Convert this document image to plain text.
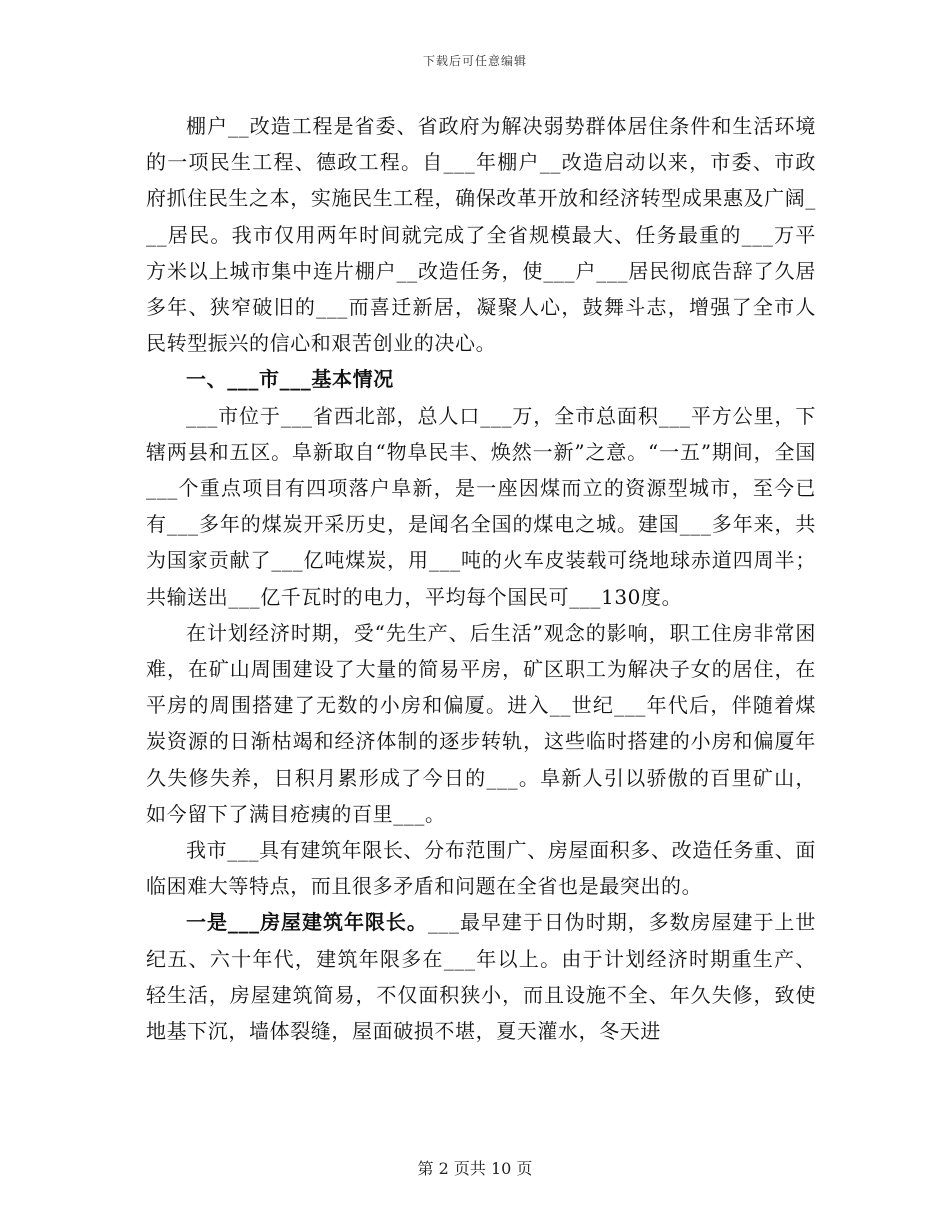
下载后可任意编辑

棚户__改造工程是省委、省政府为解决弱势群体居住条件和生活环境的一项民生工程、德政工程。自___年棚户__改造启动以来，市委、市政府抓住民生之本，实施民生工程，确保改革开放和经济转型成果惠及广阔___居民。我市仅用两年时间就完成了全省规模最大、任务最重的___万平方米以上城市集中连片棚户__改造任务，使___户___居民彻底告辞了久居多年、狭窄破旧的___而喜迁新居，凝聚人心，鼓舞斗志，增强了全市人民转型振兴的信心和艰苦创业的决心。

一、___市___基本情况

___市位于___省西北部，总人口___万，全市总面积___平方公里，下辖两县和五区。阜新取自“物阜民丰、焕然一新”之意。“一五”期间，全国___个重点项目有四项落户阜新，是一座因煤而立的资源型城市，至今已有___多年的煤炭开采历史，是闻名全国的煤电之城。建国___多年来，共为国家贡献了___亿吨煤炭，用___吨的火车皮装载可绕地球赤道四周半；共输送出___亿千瓦时的电力，平均每个国民可___130度。

在计划经济时期，受“先生产、后生活”观念的影响，职工住房非常困难，在矿山周围建设了大量的简易平房，矿区职工为解决子女的居住，在平房的周围搭建了无数的小房和偏厦。进入__世纪___年代后，伴随着煤炭资源的日渐枯竭和经济体制的逐步转轨，这些临时搭建的小房和偏厦年久失修失养，日积月累形成了今日的___。阜新人引以骄傲的百里矿山，如今留下了满目疮痍的百里___。

我市___具有建筑年限长、分布范围广、房屋面积多、改造任务重、面临困难大等特点，而且很多矛盾和问题在全省也是最突出的。

一是___房屋建筑年限长。___最早建于日伪时期，多数房屋建于上世纪五、六十年代，建筑年限多在___年以上。由于计划经济时期重生产、轻生活，房屋建筑简易，不仅面积狭小，而且设施不全、年久失修，致使地基下沉，墙体裂缝，屋面破损不堪，夏天灌水，冬天进

第 2 页共 10 页
